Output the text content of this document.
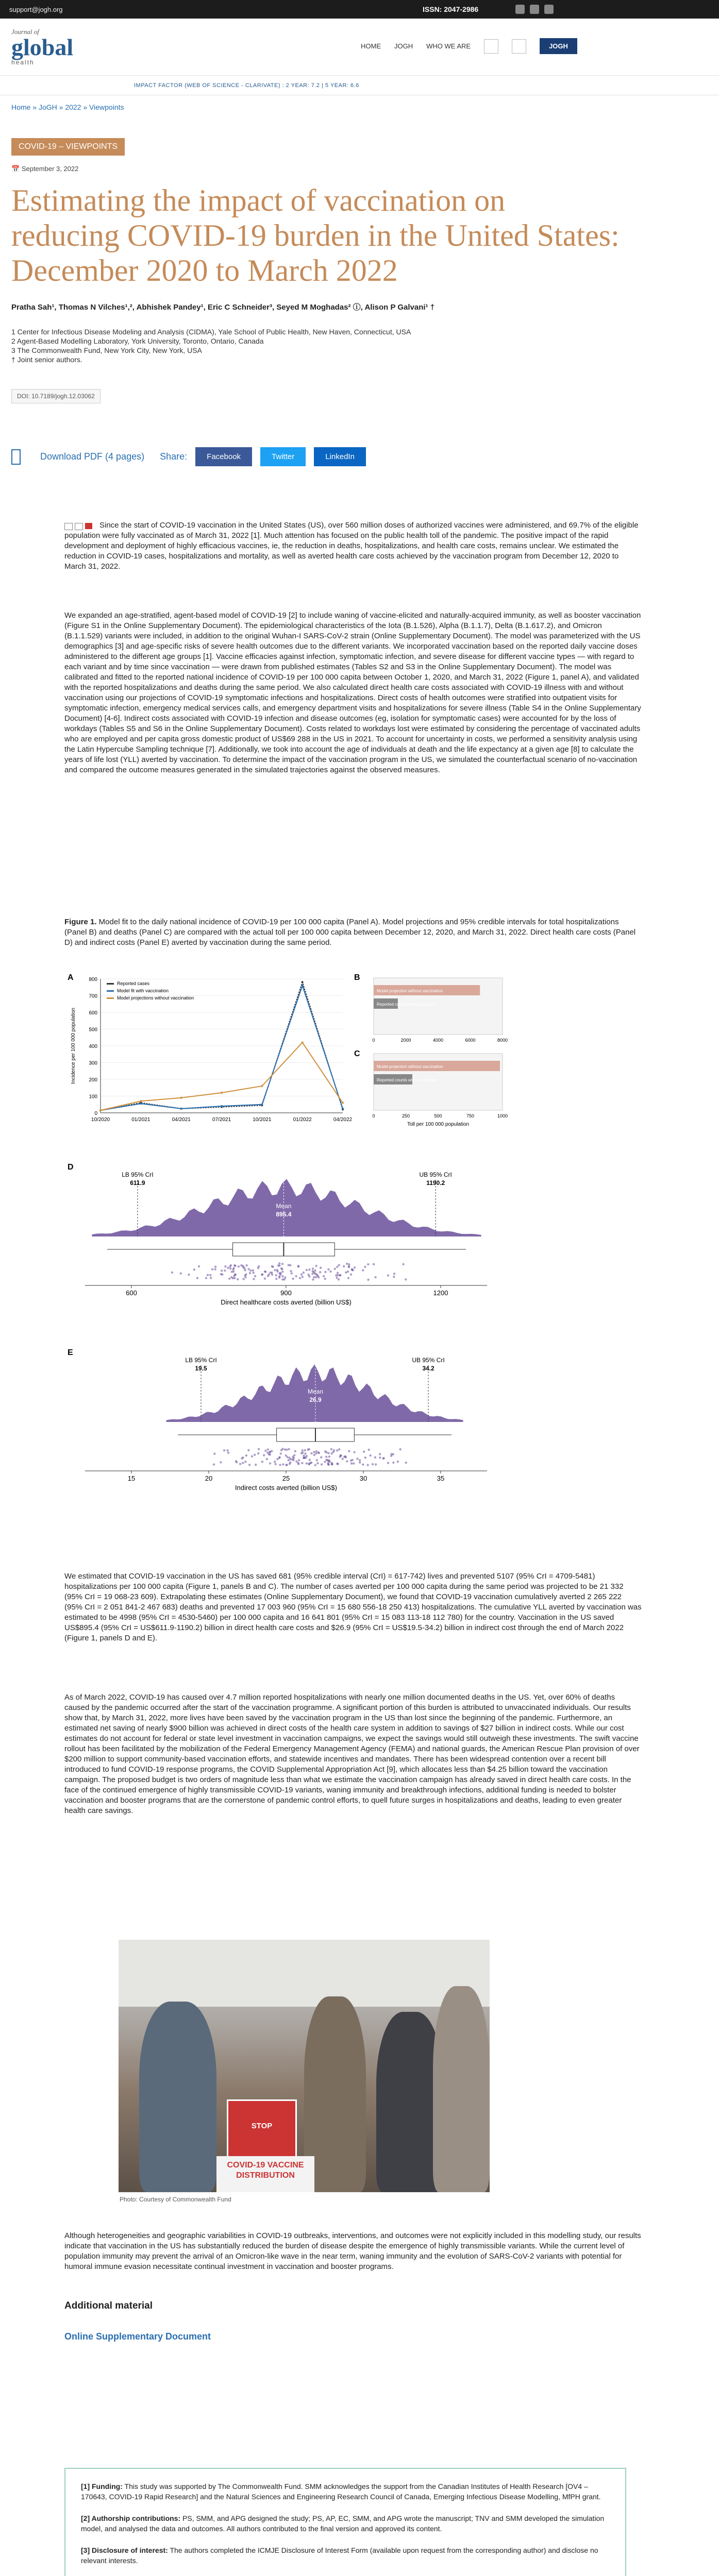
support@jogh.org	ISSN: 2047-2986
Journal of
global
health
HOME JOGH WHO WE ARE	JOGH
IMPACT FACTOR (WEB OF SCIENCE - CLARIVATE) : 2 YEAR: 7.2 | 5 YEAR: 6.6
Home » JoGH » 2022 » Viewpoints
COVID-19 – VIEWPOINTS
📅 September 3, 2022
Estimating the impact of vaccination on reducing COVID-19 burden in the United States: December 2020 to March 2022
Pratha Sah¹, Thomas N Vilches¹,², Abhishek Pandey¹, Eric C Schneider³, Seyed M Moghadas² ⓘ, Alison P Galvani¹ †
1 Center for Infectious Disease Modeling and Analysis (CIDMA), Yale School of Public Health, New Haven, Connecticut, USA
2 Agent-Based Modelling Laboratory, York University, Toronto, Ontario, Canada
3 The Commonwealth Fund, New York City, New York, USA
† Joint senior authors.
DOI: 10.7189/jogh.12.03062
Download PDF (4 pages) Share:	Facebook	Twitter	LinkedIn

Since the start of COVID-19 vaccination in the United States (US), over 560 million doses of authorized vaccines were administered, and 69.7% of the eligible population were fully vaccinated as of March 31, 2022 [1]. Much attention has focused on the public health toll of the pandemic. The positive impact of the rapid development and deployment of highly efficacious vaccines, ie, the reduction in deaths, hospitalizations, and health care costs, remains unclear. We estimated the reduction in COVID-19 cases, hospitalizations and mortality, as well as averted health care costs achieved by the vaccination program from December 12, 2020 to March 31, 2022.

We expanded an age-stratified, agent-based model of COVID-19 [2] to include waning of vaccine-elicited and naturally-acquired immunity, as well as booster vaccination (Figure S1 in the Online Supplementary Document). The epidemiological characteristics of the Iota (B.1.526), Alpha (B.1.1.7), Delta (B.1.617.2), and Omicron (B.1.1.529) variants were included, in addition to the original Wuhan-I SARS-CoV-2 strain (Online Supplementary Document). The model was parameterized with the US demographics [3] and age-specific risks of severe health outcomes due to the different variants. We incorporated vaccination based on the reported daily vaccine doses administered to the different age groups [1]. Vaccine efficacies against infection, symptomatic infection, and severe disease for different vaccine types — with regard to each variant and by time since vaccination — were drawn from published estimates (Tables S2 and S3 in the Online Supplementary Document). The model was calibrated and fitted to the reported national incidence of COVID-19 per 100 000 capita between October 1, 2020, and March 31, 2022 (Figure 1, panel A), and validated with the reported hospitalizations and deaths during the same period. We also calculated direct health care costs associated with COVID-19 illness with and without vaccination using our projections of COVID-19 symptomatic infections and hospitalizations. Direct costs of health outcomes were stratified into outpatient visits for symptomatic infection, emergency medical services calls, and emergency department visits and hospitalizations for severe illness (Table S4 in the Online Supplementary Document) [4-6]. Indirect costs associated with COVID-19 infection and disease outcomes (eg, isolation for symptomatic cases) were accounted for by the loss of workdays (Tables S5 and S6 in the Online Supplementary Document). Costs related to workdays lost were estimated by considering the percentage of vaccinated adults who are employed and per capita gross domestic product of US$69 288 in the US in 2021. To account for uncertainty in costs, we performed a sensitivity analysis using the Latin Hypercube Sampling technique [7]. Additionally, we took into account the age of individuals at death and the life expectancy at a given age [8] to calculate the years of life lost (YLL) averted by vaccination. To determine the impact of the vaccination program in the US, we simulated the counterfactual scenario of no-vaccination and compared the outcome measures generated in the simulated trajectories against the observed measures.

Figure 1. Model fit to the daily national incidence of COVID-19 per 100 000 capita (Panel A). Model projections and 95% credible intervals for total hospitalizations (Panel B) and deaths (Panel C) are compared with the actual toll per 100 000 capita between December 12, 2020, and March 31, 2022. Direct health care costs (Panel D) and indirect costs (Panel E) averted by vaccination during the same period.

A
0
100
200
300
400
500
600
700
800
10/2020	01/2021	04/2021	07/2021	10/2021	01/2022	04/2022
Incidence per 100 000 population
Reported cases
Model fit with vaccination
Model projections without vaccination
B
Model projection without vaccination
Reported counts with vaccination
0	2000	4000	6000	8000
C
Model projection without vaccination
Reported counts with vaccination
0	250	500	750	1000
Toll per 100 000 population
D
LB 95% CrI
611.9
UB 95% CrI
1190.2
Mean
895.4
600	900	1200
Direct healthcare costs averted (billion US$)
E
LB 95% CrI
19.5
UB 95% CrI
34.2
Mean
26.9
15	20	25	30	35
Indirect costs averted (billion US$)

We estimated that COVID-19 vaccination in the US has saved 681 (95% credible interval (CrI) = 617-742) lives and prevented 5107 (95% CrI = 4709-5481) hospitalizations per 100 000 capita (Figure 1, panels B and C). The number of cases averted per 100 000 capita during the same period was projected to be 21 332 (95% CrI = 19 068-23 609). Extrapolating these estimates (Online Supplementary Document), we found that COVID-19 vaccination cumulatively averted 2 265 222 (95% CrI = 2 051 841-2 467 683) deaths and prevented 17 003 960 (95% CrI = 15 680 556-18 250 413) hospitalizations. The cumulative YLL averted by vaccination was estimated to be 4998 (95% CrI = 4530-5460) per 100 000 capita and 16 641 801 (95% CrI = 15 083 113-18 112 780) for the country. Vaccination in the US saved US$895.4 (95% CrI = US$611.9-1190.2) billion in direct health care costs and $26.9 (95% CrI = US$19.5-34.2) billion in indirect cost through the end of March 2022 (Figure 1, panels D and E).

As of March 2022, COVID-19 has caused over 4.7 million reported hospitalizations with nearly one million documented deaths in the US. Yet, over 60% of deaths caused by the pandemic occurred after the start of the vaccination programme. A significant portion of this burden is attributed to unvaccinated individuals. Our results show that, by March 31, 2022, more lives have been saved by the vaccination program in the US than lost since the beginning of the pandemic. Furthermore, an estimated net saving of nearly $900 billion was achieved in direct costs of the health care system in addition to savings of $27 billion in indirect costs. While our cost estimates do not account for federal or state level investment in vaccination campaigns, we expect the savings would still outweigh these investments. The swift vaccine rollout has been facilitated by the mobilization of the Federal Emergency Management Agency (FEMA) and national guards, the American Rescue Plan provision of over $200 million to support community-based vaccination efforts, and statewide incentives and mandates. There has been widespread contention over a recent bill introduced to fund COVID-19 response programs, the COVID Supplemental Appropriation Act [9], which allocates less than $4.25 billion toward the vaccination campaign. The proposed budget is two orders of magnitude less than what we estimate the vaccination campaign has already saved in direct health care costs. In the face of the continued emergence of highly transmissible COVID-19 variants, waning immunity and breakthrough infections, additional funding is needed to bolster vaccination and booster programs that are the cornerstone of pandemic control efforts, to quell future surges in hospitalizations and deaths, leading to even greater health care savings.

STOP
COVID-19 VACCINE DISTRIBUTION
Photo: Courtesy of Commonwealth Fund

Although heterogeneities and geographic variabilities in COVID-19 outbreaks, interventions, and outcomes were not explicitly included in this modelling study, our results indicate that vaccination in the US has substantially reduced the burden of disease despite the emergence of highly transmissible variants. While the current level of population immunity may prevent the arrival of an Omicron-like wave in the near term, waning immunity and the evolution of SARS-CoV-2 variants with potential for humoral immune evasion necessitate continual investment in vaccination and booster programs.

Additional material
Online Supplementary Document

[1] Funding: This study was supported by The Commonwealth Fund. SMM acknowledges the support from the Canadian Institutes of Health Research [OV4 – 170643, COVID-19 Rapid Research] and the Natural Sciences and Engineering Research Council of Canada, Emerging Infectious Disease Modelling, MfPH grant.

[2] Authorship contributions: PS, SMM, and APG designed the study; PS, AP, EC, SMM, and APG wrote the manuscript; TNV and SMM developed the simulation model, and analysed the data and outcomes. All authors contributed to the final version and approved its content.

[3] Disclosure of interest: The authors completed the ICMJE Disclosure of Interest Form (available upon request from the corresponding author) and disclose no relevant interests.
